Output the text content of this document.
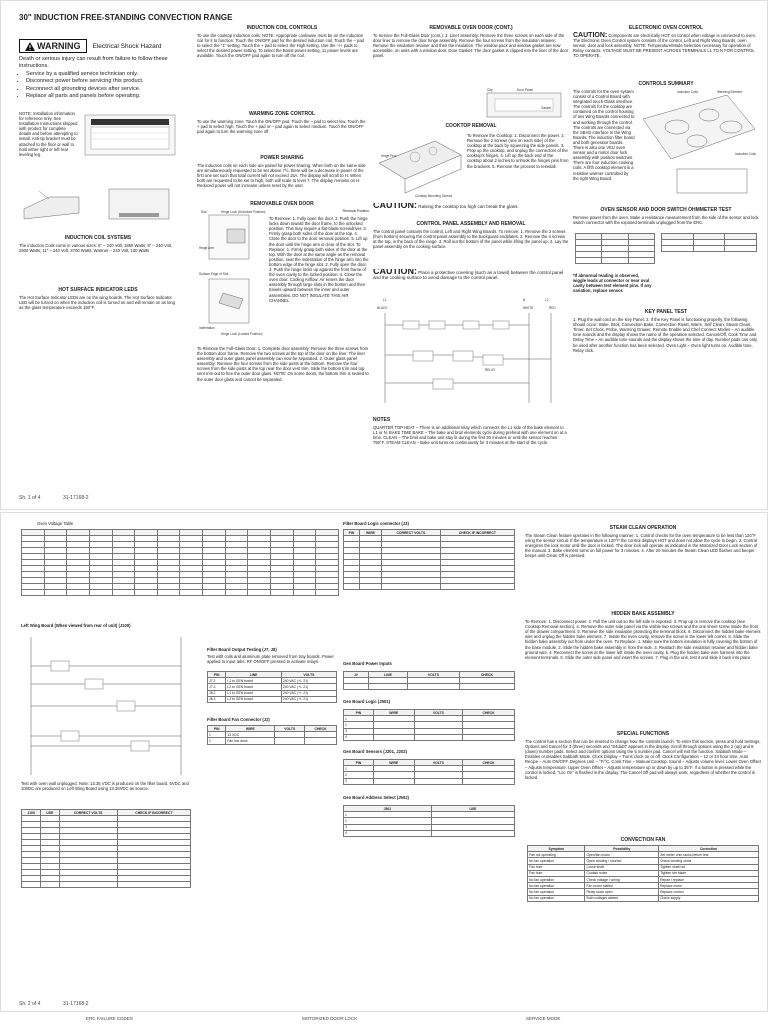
30" INDUCTION FREE-STANDING CONVECTION RANGE
WARNING Electrical Shock Hazard

Death or serious injury can result from failure to follow these instructions.

• Service by a qualified service technician only.
• Disconnect power before servicing this product.
• Reconnect all grounding devices after service.
• Replace all parts and panels before operating.

NOTE: Installation information for reference only. See Installation Instructions shipped with product for complete details and before attempting to install. Anti-tip bracket must be attached to the floor or wall to hold either right or left rear leveling leg.

INDUCTION COIL SYSTEMS

The induction Coils come in various sizes: 6" – 240 Volt, 1850 Watts; 8" – 240 Volt, 2500 Watts; 11" – 240 Volt, 3700 Watts; Warmer – 240 Volt, 100 Watts

HOT SURFACE INDICATOR LEDS

The Hot Surface Indicator LEDs are on the wing boards. The Hot Surface Indicator LED will be turned on when the induction coil is turned on and will remain on as long as the glass temperature exceeds 150°F.

INDUCTION COIL CONTROLS

To use the cooktop induction coils: NOTE: Appropriate cookware must be on the induction coil for it to function. Touch the ON/OFF pad for the desired induction coil. Touch the – pad to select the "1" setting. Touch the + pad to select the High setting. Use the –/+ pads to select the desired power setting. To select the Boost power setting, 11 power levels are available. Touch the ON/OFF pad again to turn off the coil.

WARMING ZONE CONTROL

To use the warming zone: Touch the ON/OFF pad. Touch the – pad to select low. Touch the + pad to select high. Touch the + pad or – pad again to select medium. Touch the ON/OFF pad again to turn the warming zone off.

POWER SHARING

The induction coils on each side are paired for power sharing. When both on the same side are simultaneously requested to be set above 7½, there will be a decrease in power of the first one set such that total current will not exceed 15A. The display will scroll to H. When both are requested to be set to high, both will scale to level 7. The display remains on H. Reduced power will not increase unless reset by the user.

REMOVABLE OVEN DOOR
Slot	Hinge Lock (Unlocked Position)
Hinge Arm
Surface Edge of Slot
Indentation
Hinge Lock (Locked Position)

Removal Position

To Remove: 1. Fully open the door. 2. Push the hinge locks down toward the door frame, to the unlocked position. This may require a flat-blade screwdriver. 3. Firmly grasp both sides of the door at the top. 4. Close the door to the door removal position. 5. Lift up the door until the hinge arm is clear of the slot. To Replace: 1. Firmly grasp both sides of the door at the top. With the door at the same angle as the removal position, seat the indentation of the hinge arm into the bottom edge of the hinge slot. 2. Fully open the door. 3. Push the hinge locks up against the front frame of the oven cavity to the locked position. 4. Close the oven door. Cooling Airflow: Air enters the door assembly through large slots in the bottom and then travels upward between the inner and outer assemblies. DO NOT INSULATE THIS AIR CHANNEL.

To Remove the Full-Glass Door: 1. Complete door assembly: Remove the three screws from the bottom door frame. Remove the two screws at the top of the door on the liner. The liner assembly and outer glass panel assembly can now be separated. 2. Outer glass panel assembly: Remove the four screws from the side posts at the bottom. Remove the four screws from the side posts at the top near the door vent trim. Slide the bottom trim and top vent trim out to free the outer door glass. NOTE: On some doors, the bottom trim is sealed to the outer door glass and cannot be separated.

REMOVABLE OVEN DOOR (CONT.)

To Service the Full-Glass Door (cont.): 3. Liner assembly: Remove the three screws on each side of the door liner to remove the door hinge assembly. Remove the four screws from the insulation retainer. Remove the insulation retainer and then the insulation. The window pack and window gasket are now accessible, on units with a window door. Door Gasket: The door gasket is clipped into the liner of the door panel.

Clip	Door Panel
Gasket
COOKTOP REMOVAL
Hinge Pins
Cooktop Mounting Screws

To Remove the Cooktop: 1. Disconnect the power. 2. Remove the 2 screws (one on each side) of the cooktop at the back by squeezing the side panels. 3. Prop up the cooktop, and unplug the connectors of the cooktop's hinges. 4. Lift up the back end of the cooktop about 2 inches to unhook the hinges pins from the brackets. 5. Remove the process to reinstall.

CAUTION: Raising the cooktop too high can break the glass.
CONTROL PANEL ASSEMBLY AND REMOVAL

The control panel contains the control, Left and Right Wing Boards. To remove: 1. Remove the 2 screws (from bottom) securing the control panel assembly to the backguard endplates. 2. Remove the 4 screws at the top, in the back of the range. 3. Roll out the bottom of the panel while lifting the panel up. 4. Lay the panel assembly on the cooking surface.

CAUTION: Place a protective covering (such as a towel) between the control panel and the cooking surface to avoid damage to the control panel.
L1	N	L2
BLACK	RED
WHITE
RELAY
NOTES

QUARTER TOP HEAT – There is an additional relay which connects the L1 side of the bake element to L1 or N. BAKE TIME BAKE – The bake and broil elements cycle during preheat with one element on at a time. CLEAN – The broil and bake unit stay lit during the first 30 minutes or until the sensor reaches 750°F. STEAM CLEAN – Bake unit turns on continuously for 3 minutes at the start of the cycle.

ELECTRONIC OVEN CONTROL
CAUTION: Components are electrically HOT on control when voltage is connected to oven. The Electronic Oven Control system consists of the control, Left and Right Wing Boards, oven sensor, door and lock assembly. NOTE: Temperature/Mode Selection necessary for operation of Relay contacts. VOLTAGE MUST BE PRESENT ACROSS TERMINALS L1 TO N FOR CONTROL TO OPERATE.
CONTROLS SUMMARY

The controls for the oven system consist of a Control Board with integrated touch Glass interface. The controls for the cooktop are contained on the control housing of two Wing Boards connected to and working through the control. The controls are connected via the SBAD interface to the Wing Boards. The induction filter board and both generator boards. There is also one VEU oven sensor and a motor door lock assembly with position switches. There are four induction cooking coils. A fifth cooktop element is a resistive warmer controlled by the right Wing Board.

Induction Coils	Warming Element
Induction Coils
OVEN SENSOR AND DOOR SWITCH OHMMETER TEST

Remove power from the oven. Make a resistance measurement from the side of the sensor and lock switch connector with the exposed terminals unplugged from the ERC.

*If abnormal reading is observed, wiggle leads at connector or near oval cavity between test element pins. If any variation, replace sensor.

KEY PANEL TEST

1. Plug the wall cord on the Key Panel. 2. If the Key Panel is functioning properly, the following should occur: Bake, Broil, Convection Bake, Convection Roast, Warm, Self Clean, Steam Clean, Timer, Set Clock, Probe, Warming Drawer, Remote Enable and Chef Connect Modes – An audible tone sounds and the display shows the name of the operation selected. Cancel/Off, Cook Time and Delay Time – An audible tone sounds and the display shows the time of day. Number pads can only be used after another function has been selected. Oven Light – Oven light turns on. Audible tone, Relay click.

Sh. 1 of 4	31-17168-2

Oven Voltage Table

Left Wing Board (When viewed from rear of unit) (J100)

Test with oven wall unplugged. Note: 13.35 VDC is produced on the filter board. 5VDC and 100DC are produced on Left Wing Board using 13.35VDC as source.

J100	USE	CORRECT VOLTS	CHECK IF INCORRECT

Filter Board Output Testing (J7, J8)

Test with coils and aluminum plate removed from tray boards. Power applied to input tabs. RF ON/OFF pressed to activate relays.

PIN	LINE	VOLTS
J7.2	L1 to GEN board	240 VAC (+/- 21)
J7.3	L2 to GEN board	240 VAC (+/- 21)
J8.2	L1 to GEN board	240 VAC (+/- 21)
J8.3	L2 to GEN board	240 VAC (+/- 21)

Filter Board Fan Connector (J2)

PIN	WIRE	VOLTS	CHECK
1	13 VDC		
2	Fan low drive		

Filter Board Logic connector (J3)

PIN	WIRE	CORRECT VOLTS	CHECK IF INCORRECT

Gen Board Power Inputs

J#	LINE	VOLTS	CHECK

Gen Board Logic (J501)

PIN	WIRE	VOLTS	CHECK
1			
2			
3			
4			

Gen Board Sensors (J201, J202)

PIN	WIRE	VOLTS	CHECK
1			
2			
3			

Gen Board Address Select (J502)

J502	USE
1	
2	
3	
4	
STEAM CLEAN OPERATION

The Steam Clean feature operates in the following manner: 1. Control checks for the oven temperature to be less than 120°F using the sensor circuit. If the temperature is 120°F the control displays HOT and does not allow the cycle to begin. 2. Control energizes the lock motor until the door is locked. The door lock will operate as indicated in the Motorized Door Lock section of the manual. 3. Bake element turns on full power for 3 minutes. 4. After 20 minutes the Steam Clean LED flashes and beeper beeps until Clean Off is pressed.

HIDDEN BAKE ASSEMBLY

To Remove: 1. Disconnect power. 2. Pull the unit out so the left side is exposed. 3. Prop up or remove the cooktop (see Cooktop Removal section). 4. Remove the outer side panel via the visible two screws and the one sheet screw inside the front of the drawer compartment. 5. Remove the side insulation protecting the terminal block. 6. Disconnect the hidden bake element wire and unplug the hidden bake element. 7. Inside the oven cavity, remove the screw in the lower left corner. 8. Slide the hidden bake assembly out from under the oven. To Replace: 1. Make sure the bottom insulation is fully covering the bottom of the base module. 2. Slide the hidden bake assembly in from the side. 3. Reattach the side insulation retainer and hidden bake ground wire. 4. Reconnect the screw at the lower left inside the oven cavity. 5. Plug the hidden bake wire harness into the element terminals. 6. Slide the outer side panel and insert the screws. 7. Plug in the unit, test it and slide it back into place.

SPECIAL FUNCTIONS

The control has a section that can be entered to change how the controls launch. To enter this section, press and hold Settings, Options and Cancel for 3 (three) seconds and "S4dubt" appears in the display. Scroll through options using the 2 (up) and 8 (down) number pads. Select and confirm options using the 5 number pad. Cancel will exit the function. Sabbath Mode – Enables or disables Sabbath Mode. Clock Display – Turns clock on or off. Clock Configuration – 12 or 24 hour time. Auto Recipe – Auto ON/OFF. Degrees Unit – °F/°C. Cook Time – Manual Cooktop. Sound – Adjusts volume level. Lower Oven Offset – Adjusts temperature. Upper Oven Offset – Adjusts temperature up or down by up to 35°F. If a button is pressed while the control is locked, "Loc On" is flashed in the display. The Cancel Off pad will always work, regardless of whether the control is locked.

CONVECTION FAN
Symptom	Possibility	Correction
Fan not operating	Open/fan motor	Set meter ohm ranks before test
No fan operation	Open winding / shorted	Check winding ohms
Fan hum	Loose shaft	Tighten shaft nut
Fan hum	Contact noise	Tighten fan blade
No fan operation	Check voltage / wiring	Repair / replace
No fan operation	Fan motor stalled	Replace motor
No fan operation	Relay stuck open	Replace control
No fan operation	Both voltages absent	Check supply
Sh. 2 of 4	31-17168-2
ERC FAILURE CODES	MOTORIZED DOOR LOCK	SERVICE MODE
